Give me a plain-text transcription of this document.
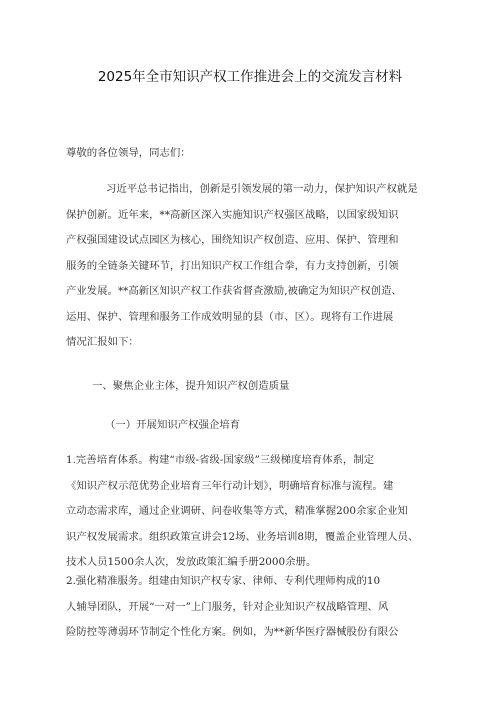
2025年全市知识产权工作推进会上的交流发言材料
尊敬的各位领导，同志们：
习近平总书记指出，创新是引领发展的第一动力，保护知识产权就是
保护创新。近年来，**高新区深入实施知识产权强区战略，以国家级知识
产权强国建设试点园区为核心，围绕知识产权创造、应用、保护、管理和
服务的全链条关键环节，打出知识产权工作组合拳，有力支持创新，引领
产业发展。**高新区知识产权工作获省督查激励,被确定为知识产权创造、
运用、保护、管理和服务工作成效明显的县（市、区）。现将有工作进展
情况汇报如下：
一、聚焦企业主体，提升知识产权创造质量
（一）开展知识产权强企培育
1.完善培育体系。构建“市级-省级-国家级”三级梯度培育体系，制定
《知识产权示范优势企业培育三年行动计划》，明确培育标准与流程。建
立动态需求库，通过企业调研、问卷收集等方式，精准掌握200余家企业知
识产权发展需求。组织政策宣讲会12场、业务培训8期，覆盖企业管理人员、
技术人员1500余人次，发放政策汇编手册2000余册。
2.强化精准服务。组建由知识产权专家、律师、专利代理师构成的10
人辅导团队，开展“一对一”上门服务，针对企业知识产权战略管理、风
险防控等薄弱环节制定个性化方案。例如，为**新华医疗器械股份有限公
